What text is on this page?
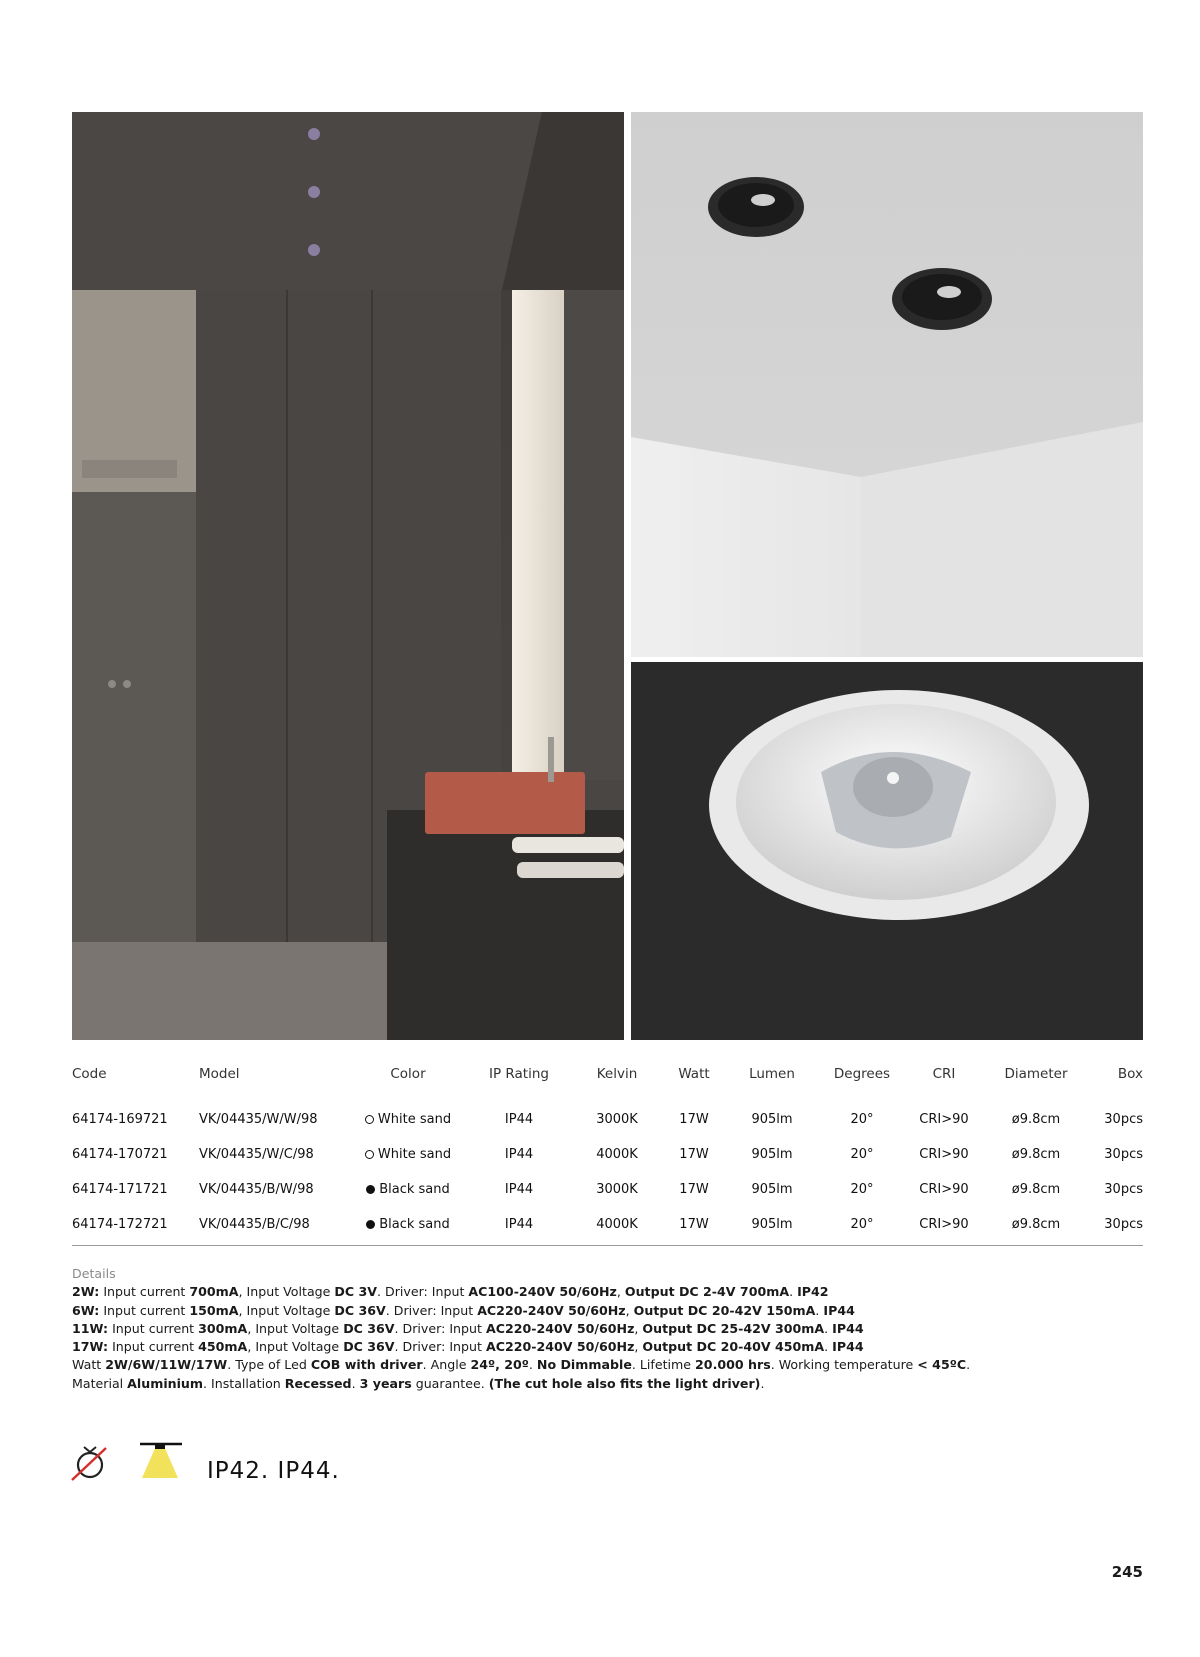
Code	Model	Color	IP Rating	Kelvin	Watt	Lumen	Degrees	CRI	Diameter	Box
64174-169721	VK/04435/W/W/98	White sand	IP44	3000K	17W	905lm	20°	CRI>90	ø9.8cm	30pcs
64174-170721	VK/04435/W/C/98	White sand	IP44	4000K	17W	905lm	20°	CRI>90	ø9.8cm	30pcs
64174-171721	VK/04435/B/W/98	Black sand	IP44	3000K	17W	905lm	20°	CRI>90	ø9.8cm	30pcs
64174-172721	VK/04435/B/C/98	Black sand	IP44	4000K	17W	905lm	20°	CRI>90	ø9.8cm	30pcs
Details
2W: Input current 700mA, Input Voltage DC 3V. Driver: Input AC100-240V 50/60Hz, Output DC 2-4V 700mA. IP42
6W: Input current 150mA, Input Voltage DC 36V. Driver: Input AC220-240V 50/60Hz, Output DC 20-42V 150mA. IP44
11W: Input current 300mA, Input Voltage DC 36V. Driver: Input AC220-240V 50/60Hz, Output DC 25-42V 300mA. IP44
17W: Input current 450mA, Input Voltage DC 36V. Driver: Input AC220-240V 50/60Hz, Output DC 20-40V 450mA. IP44
Watt 2W/6W/11W/17W. Type of Led COB with driver. Angle 24º, 20º. No Dimmable. Lifetime 20.000 hrs. Working temperature < 45ºC.
Material Aluminium. Installation Recessed. 3 years guarantee. (The cut hole also fits the light driver).
IP42. IP44.
245
